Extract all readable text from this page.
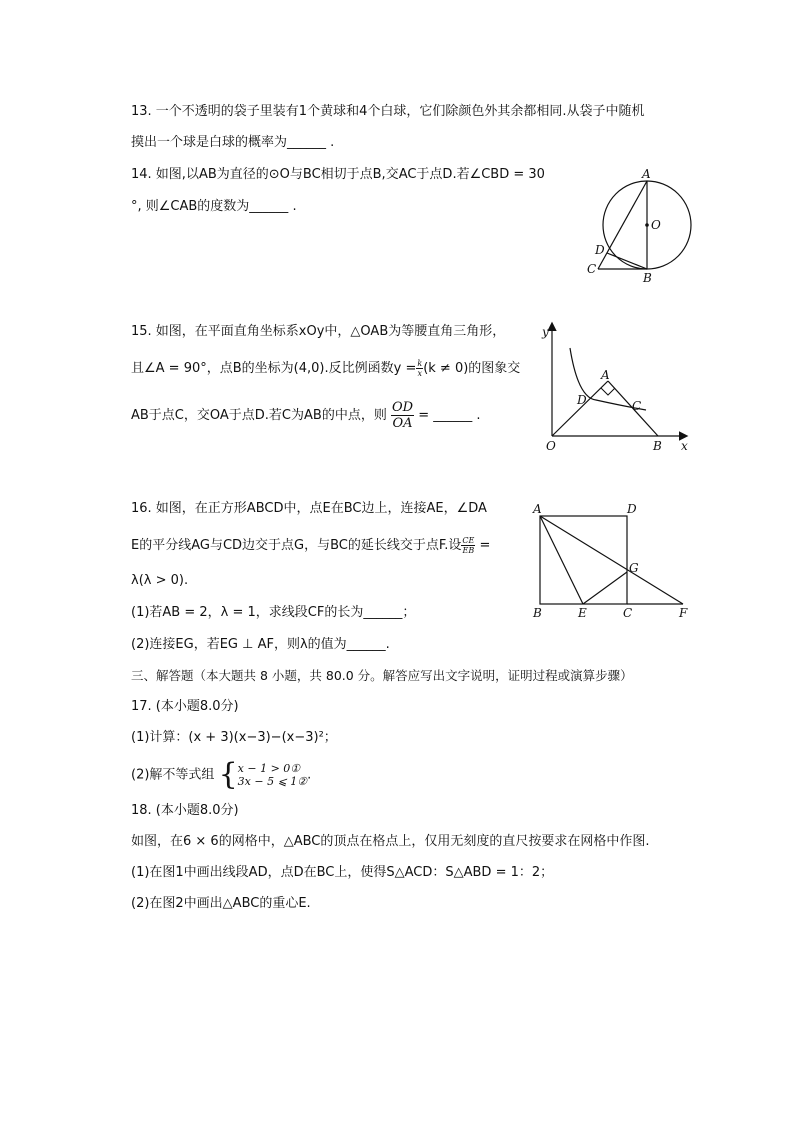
13. 一个不透明的袋子里装有1个黄球和4个白球，它们除颜色外其余都相同.从袋子中随机
摸出一个球是白球的概率为______ .
14. 如图,以AB为直径的⊙O与BC相切于点B,交AC于点D.若∠CBD = 30
°, 则∠CAB的度数为______ .
A
O
D
C
B
15. 如图，在平面直角坐标系xOy中，△OAB为等腰直角三角形，
且∠A = 90°，点B的坐标为(4,0).反比例函数$y = \frac{k}{x} (k \ne 0)$的图象交
AB于点C，交OA于点D.若C为AB的中点，则 $\frac{OD}{OA}$ = ______ .
y
A
D	C
O	B x
16. 如图，在正方形ABCD中，点E在BC边上，连接AE，∠DA
E的平分线AG与CD边交于点G，与BC的延长线交于点F.设 $\frac{CE}{EB}$ =
λ(λ > 0).
(1)若AB = 2，λ = 1，求线段CF的长为______；
(2)连接EG，若EG ⊥ AF，则λ的值为______.
A	D
G
B	E	C	F
三、解答题（本大题共 8 小题，共 80.0 分。解答应写出文字说明，证明过程或演算步骤）
17. (本小题8.0分)
(1)计算：(x + 3)(x−3)−(x−3)²；
(2)解不等式组 { x − 1 > 0①
3x − 5 ⩽ 1② .
18. (本小题8.0分)
如图，在6 × 6的网格中，△ABC的顶点在格点上，仅用无刻度的直尺按要求在网格中作图.
(1)在图1中画出线段AD，点D在BC上，使得S△ACD：S△ABD = 1：2；
(2)在图2中画出△ABC的重心E.
